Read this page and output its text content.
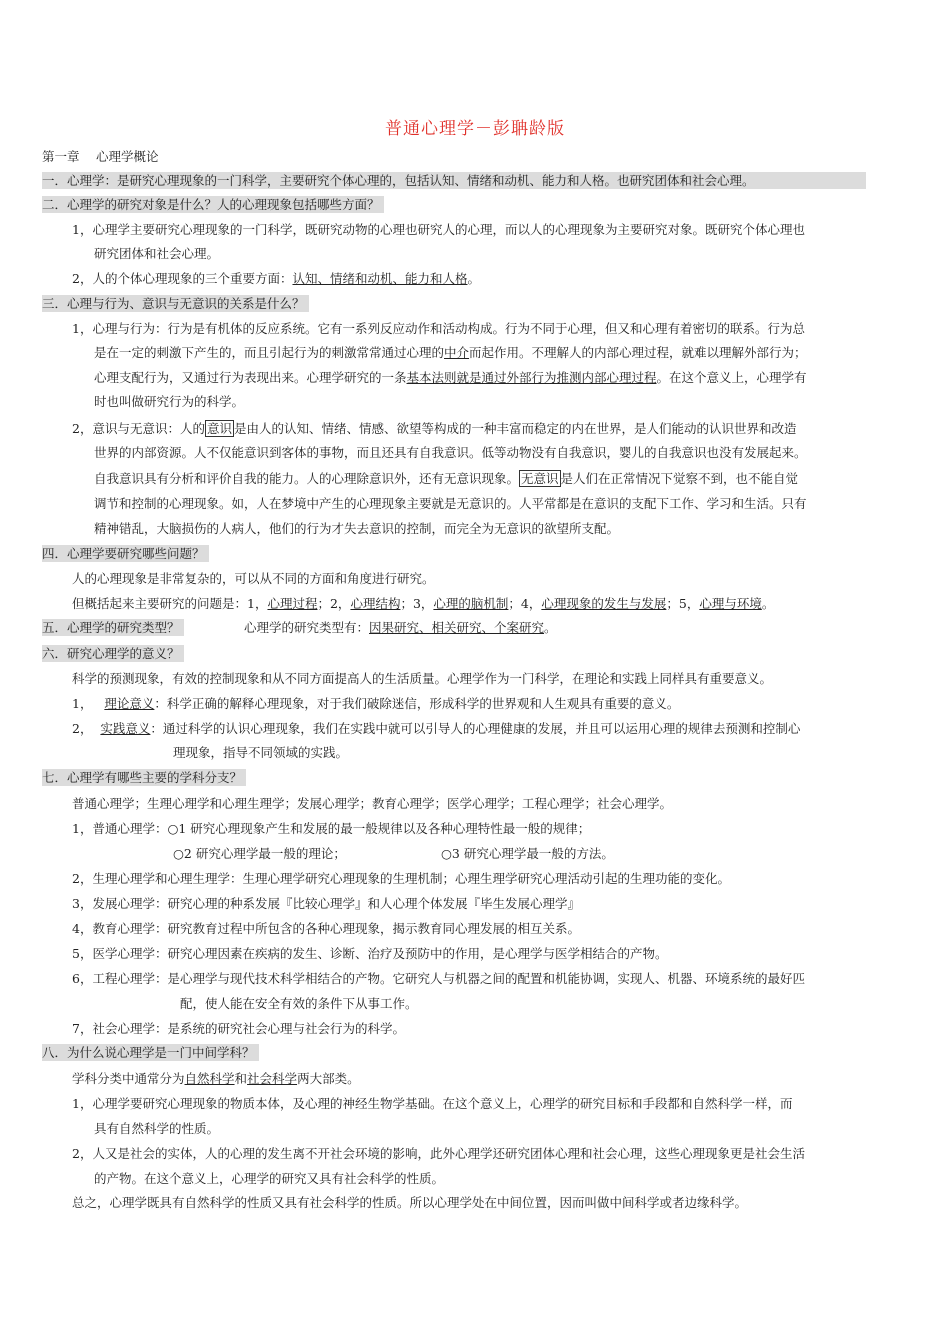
普通心理学－彭聃龄版
第一章　 心理学概论
一．心理学：是研究心理现象的一门科学，主要研究个体心理的，包括认知、情绪和动机、能力和人格。也研究团体和社会心理。
二．心理学的研究对象是什么？人的心理现象包括哪些方面？
1，心理学主要研究心理现象的一门科学，既研究动物的心理也研究人的心理，而以人的心理现象为主要研究对象。既研究个体心理也
研究团体和社会心理。
2，人的个体心理现象的三个重要方面：认知、情绪和动机、能力和人格。
三．心理与行为、意识与无意识的关系是什么？
1，心理与行为：行为是有机体的反应系统。它有一系列反应动作和活动构成。行为不同于心理，但又和心理有着密切的联系。行为总
是在一定的刺激下产生的，而且引起行为的刺激常常通过心理的中介而起作用。不理解人的内部心理过程，就难以理解外部行为；
心理支配行为，又通过行为表现出来。心理学研究的一条基本法则就是通过外部行为推测内部心理过程。在这个意义上，心理学有
时也叫做研究行为的科学。
2，意识与无意识：人的 意识 是由人的认知、情绪、情感、欲望等构成的一种丰富而稳定的内在世界，是人们能动的认识世界和改造
世界的内部资源。人不仅能意识到客体的事物，而且还具有自我意识。低等动物没有自我意识，婴儿的自我意识也没有发展起来。
自我意识具有分析和评价自我的能力。人的心理除意识外，还有无意识现象。 无意识 是人们在正常情况下觉察不到，也不能自觉
调节和控制的心理现象。如，人在梦境中产生的心理现象主要就是无意识的。人平常都是在意识的支配下工作、学习和生活。只有
精神错乱，大脑损伤的人病人，他们的行为才失去意识的控制，而完全为无意识的欲望所支配。
四．心理学要研究哪些问题？
人的心理现象是非常复杂的，可以从不同的方面和角度进行研究。
但概括起来主要研究的问题是：1，心理过程；2，心理结构；3，心理的脑机制；4，心理现象的发生与发展；5，心理与环境。
五．心理学的研究类型？	心理学的研究类型有：因果研究、相关研究、个案研究。
六．研究心理学的意义？
科学的预测现象，有效的控制现象和从不同方面提高人的生活质量。心理学作为一门科学，在理论和实践上同样具有重要意义。
1， 理论意义：科学正确的解释心理现象，对于我们破除迷信，形成科学的世界观和人生观具有重要的意义。
2， 实践意义：通过科学的认识心理现象，我们在实践中就可以引导人的心理健康的发展，并且可以运用心理的规律去预测和控制心
理现象，指导不同领域的实践。
七．心理学有哪些主要的学科分支？
普通心理学；生理心理学和心理生理学；发展心理学；教育心理学；医学心理学；工程心理学；社会心理学。
1，普通心理学：○1 研究心理现象产生和发展的最一般规律以及各种心理特性最一般的规律；
○2 研究心理学最一般的理论；	○3 研究心理学最一般的方法。
2，生理心理学和心理生理学：生理心理学研究心理现象的生理机制；心理生理学研究心理活动引起的生理功能的变化。
3，发展心理学：研究心理的种系发展『比较心理学』和人心理个体发展『毕生发展心理学』
4，教育心理学：研究教育过程中所包含的各种心理现象，揭示教育同心理发展的相互关系。
5，医学心理学：研究心理因素在疾病的发生、诊断、治疗及预防中的作用，是心理学与医学相结合的产物。
6，工程心理学：是心理学与现代技术科学相结合的产物。它研究人与机器之间的配置和机能协调，实现人、机器、环境系统的最好匹
配，使人能在安全有效的条件下从事工作。
7，社会心理学：是系统的研究社会心理与社会行为的科学。
八．为什么说心理学是一门中间学科？
学科分类中通常分为自然科学和社会科学两大部类。
1，心理学要研究心理现象的物质本体，及心理的神经生物学基础。在这个意义上，心理学的研究目标和手段都和自然科学一样，而
具有自然科学的性质。
2，人又是社会的实体，人的心理的发生离不开社会环境的影响，此外心理学还研究团体心理和社会心理，这些心理现象更是社会生活
的产物。在这个意义上，心理学的研究又具有社会科学的性质。
总之，心理学既具有自然科学的性质又具有社会科学的性质。所以心理学处在中间位置，因而叫做中间科学或者边缘科学。
